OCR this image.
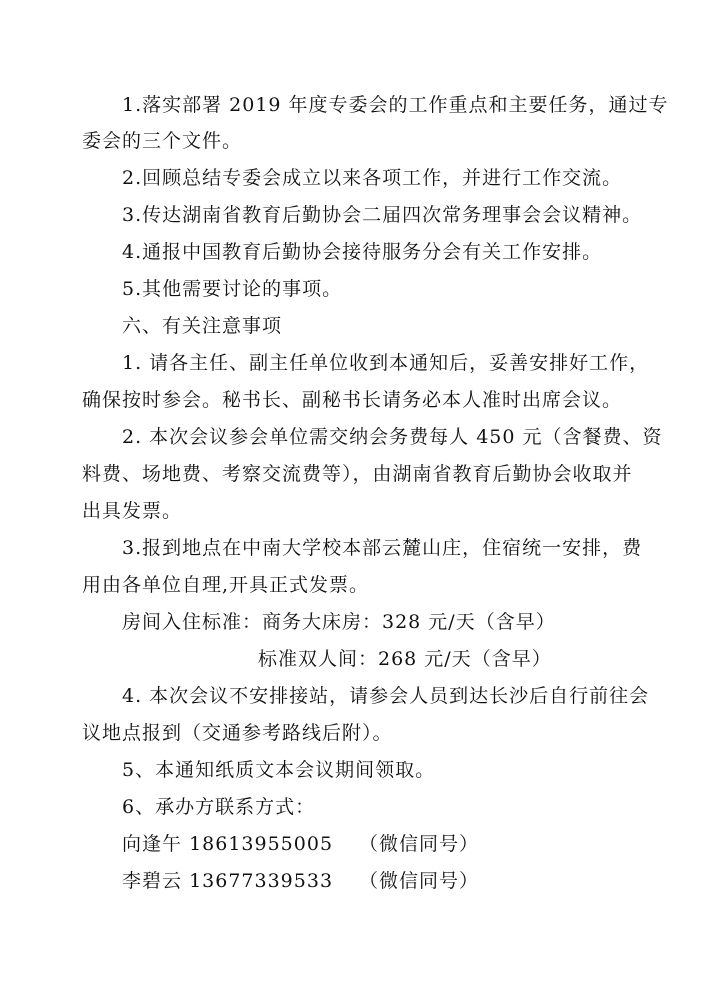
1.落实部署 2019 年度专委会的工作重点和主要任务，通过专
委会的三个文件。
2.回顾总结专委会成立以来各项工作，并进行工作交流。
3.传达湖南省教育后勤协会二届四次常务理事会会议精神。
4.通报中国教育后勤协会接待服务分会有关工作安排。
5.其他需要讨论的事项。
六、有关注意事项
1. 请各主任、副主任单位收到本通知后，妥善安排好工作，
确保按时参会。秘书长、副秘书长请务必本人准时出席会议。
2. 本次会议参会单位需交纳会务费每人 450 元（含餐费、资
料费、场地费、考察交流费等），由湖南省教育后勤协会收取并
出具发票。
3.报到地点在中南大学校本部云麓山庄，住宿统一安排，费
用由各单位自理,开具正式发票。
房间入住标准：商务大床房：328 元/天（含早）
标准双人间：268 元/天（含早）
4. 本次会议不安排接站，请参会人员到达长沙后自行前往会
议地点报到（交通参考路线后附）。
5、本通知纸质文本会议期间领取。
6、承办方联系方式：
向逢午 18613955005 （微信同号）
李碧云 13677339533 （微信同号）
